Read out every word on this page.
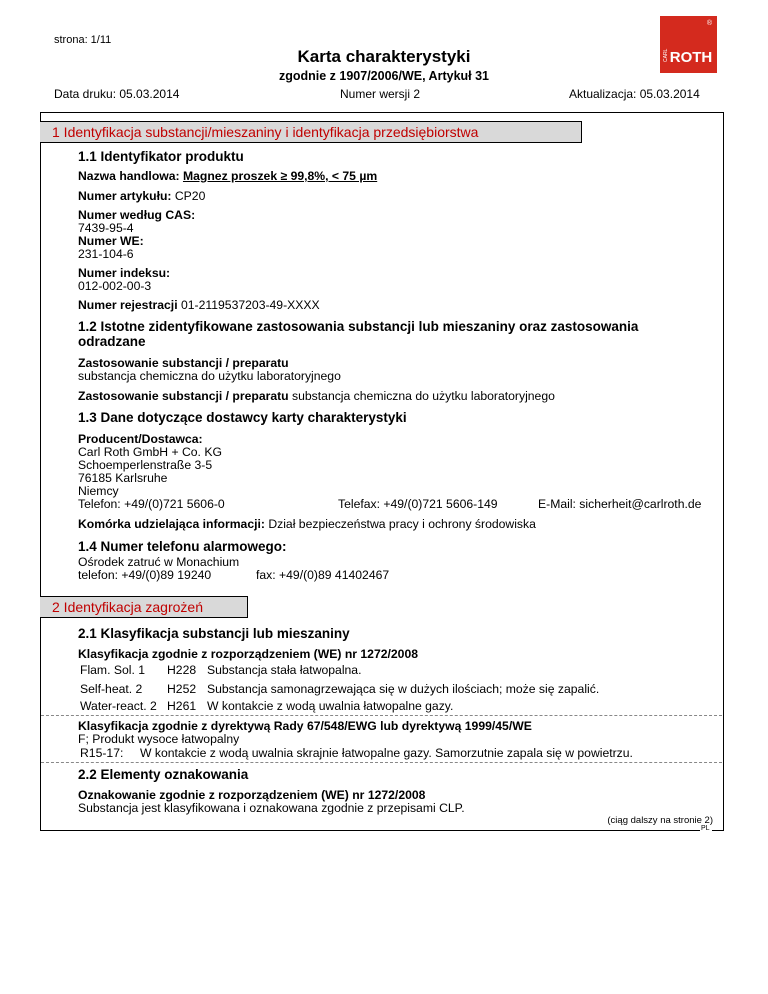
strona: 1/11
Karta charakterystyki
zgodnie z 1907/2006/WE, Artykuł 31
Data druku: 05.03.2014	Numer wersji 2	Aktualizacja: 05.03.2014
®
CARL ROTH
1 Identyfikacja substancji/mieszaniny i identyfikacja przedsiębiorstwa
1.1 Identyfikator produktu
Nazwa handlowa: Magnez proszek ≥ 99,8%, < 75 µm
Numer artykułu: CP20
Numer według CAS:
7439-95-4
Numer WE:
231-104-6
Numer indeksu:
012-002-00-3
Numer rejestracji 01-2119537203-49-XXXX
1.2 Istotne zidentyfikowane zastosowania substancji lub mieszaniny oraz zastosowania
odradzane
Zastosowanie substancji / preparatu
substancja chemiczna do użytku laboratoryjnego
Zastosowanie substancji / preparatu substancja chemiczna do użytku laboratoryjnego
1.3 Dane dotyczące dostawcy karty charakterystyki
Producent/Dostawca:
Carl Roth GmbH + Co. KG
Schoemperlenstraße 3-5
76185 Karlsruhe
Niemcy
Telefon: +49/(0)721 5606-0	Telefax: +49/(0)721 5606-149	E-Mail: sicherheit@carlroth.de
Komórka udzielająca informacji: Dział bezpieczeństwa pracy i ochrony środowiska
1.4 Numer telefonu alarmowego:
Ośrodek zatruć w Monachium
telefon: +49/(0)89 19240	fax: +49/(0)89 41402467
2 Identyfikacja zagrożeń
2.1 Klasyfikacja substancji lub mieszaniny
Klasyfikacja zgodnie z rozporządzeniem (WE) nr 1272/2008
Flam. Sol. 1 H228 Substancja stała łatwopalna.
Self-heat. 2 H252 Substancja samonagrzewająca się w dużych ilościach; może się zapalić.
Water-react. 2 H261 W kontakcie z wodą uwalnia łatwopalne gazy.
Klasyfikacja zgodnie z dyrektywą Rady 67/548/EWG lub dyrektywą 1999/45/WE
F; Produkt wysoce łatwopalny
R15-17: W kontakcie z wodą uwalnia skrajnie łatwopalne gazy. Samorzutnie zapala się w powietrzu.
2.2 Elementy oznakowania
Oznakowanie zgodnie z rozporządzeniem (WE) nr 1272/2008
Substancja jest klasyfikowana i oznakowana zgodnie z przepisami CLP.
(ciąg dalszy na stronie 2)
PL
